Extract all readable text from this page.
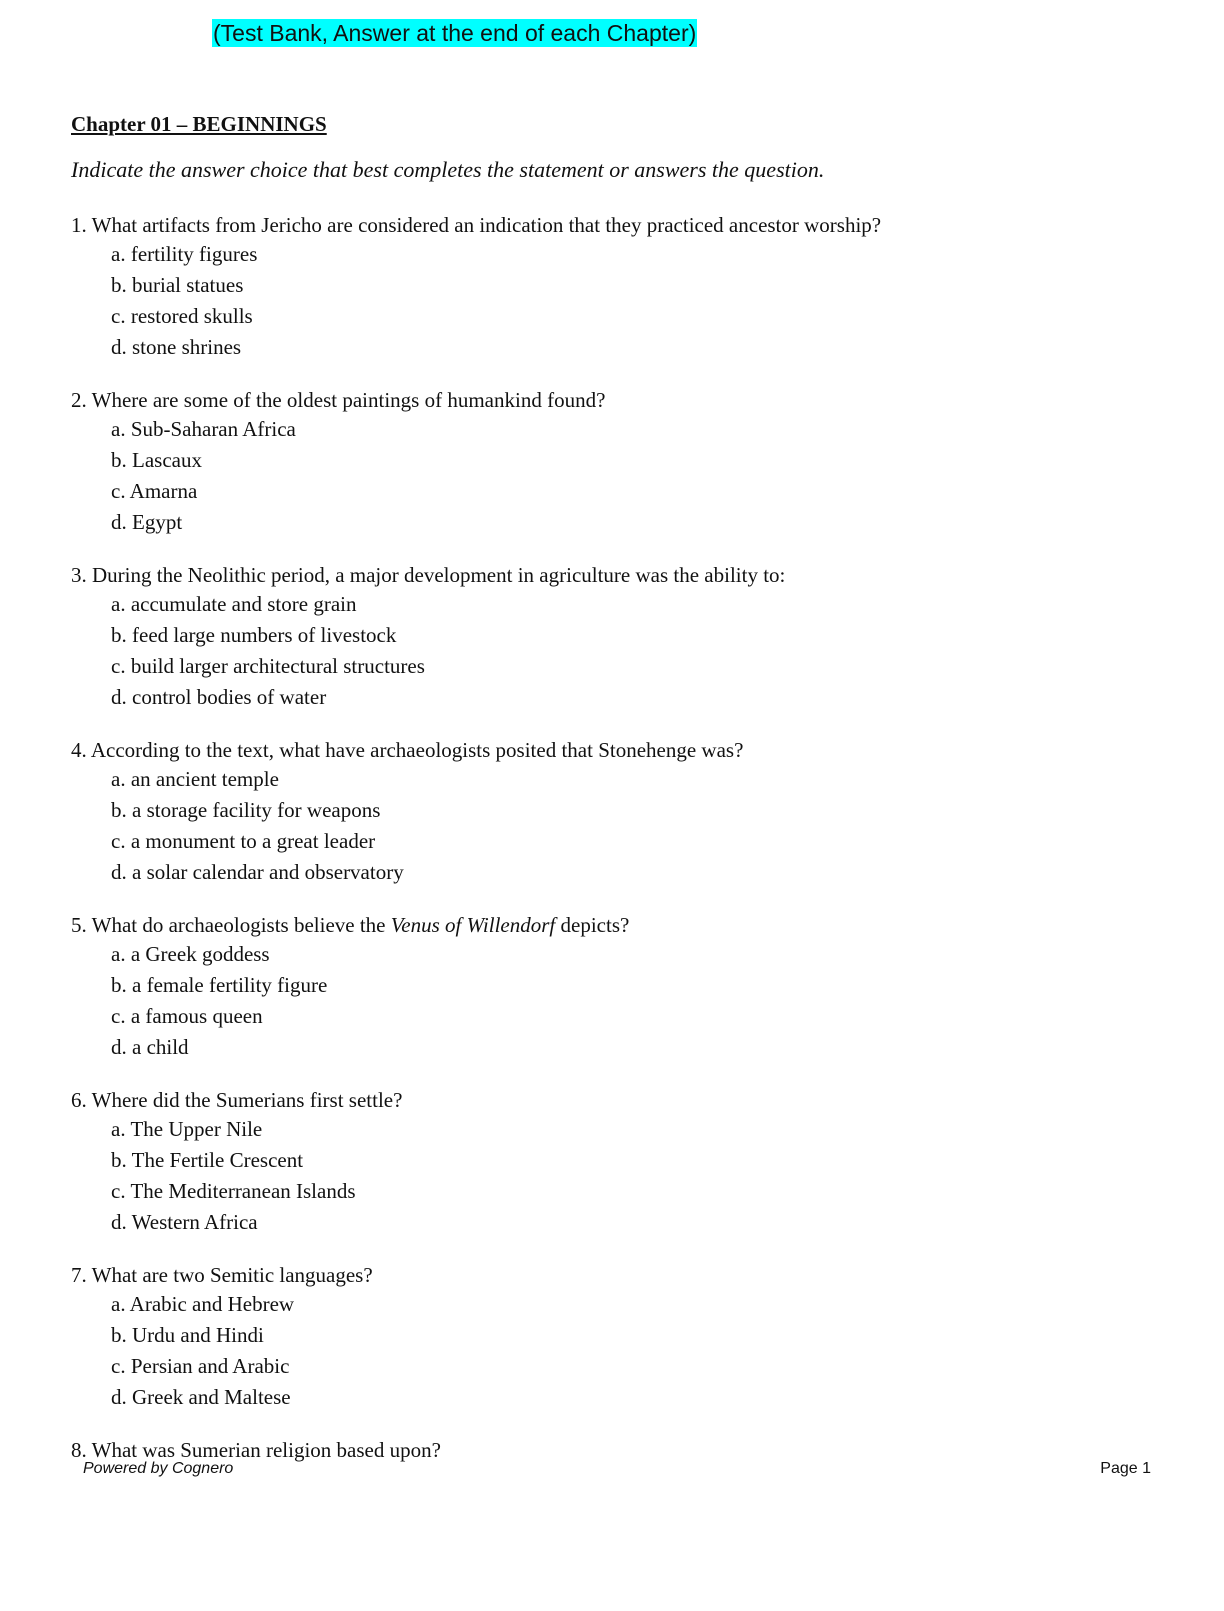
(Test Bank, Answer at the end of each Chapter)
Chapter 01 – BEGINNINGS
Indicate the answer choice that best completes the statement or answers the question.
1. What artifacts from Jericho are considered an indication that they practiced ancestor worship?
a. fertility figures
b. burial statues
c. restored skulls
d. stone shrines
2. Where are some of the oldest paintings of humankind found?
a. Sub-Saharan Africa
b. Lascaux
c. Amarna
d. Egypt
3. During the Neolithic period, a major development in agriculture was the ability to:
a. accumulate and store grain
b. feed large numbers of livestock
c. build larger architectural structures
d. control bodies of water
4. According to the text, what have archaeologists posited that Stonehenge was?
a. an ancient temple
b. a storage facility for weapons
c. a monument to a great leader
d. a solar calendar and observatory
5. What do archaeologists believe the Venus of Willendorf depicts?
a. a Greek goddess
b. a female fertility figure
c. a famous queen
d. a child
6. Where did the Sumerians first settle?
a. The Upper Nile
b. The Fertile Crescent
c. The Mediterranean Islands
d. Western Africa
7. What are two Semitic languages?
a. Arabic and Hebrew
b. Urdu and Hindi
c. Persian and Arabic
d. Greek and Maltese
8. What was Sumerian religion based upon?
Powered by Cognero	Page 1
